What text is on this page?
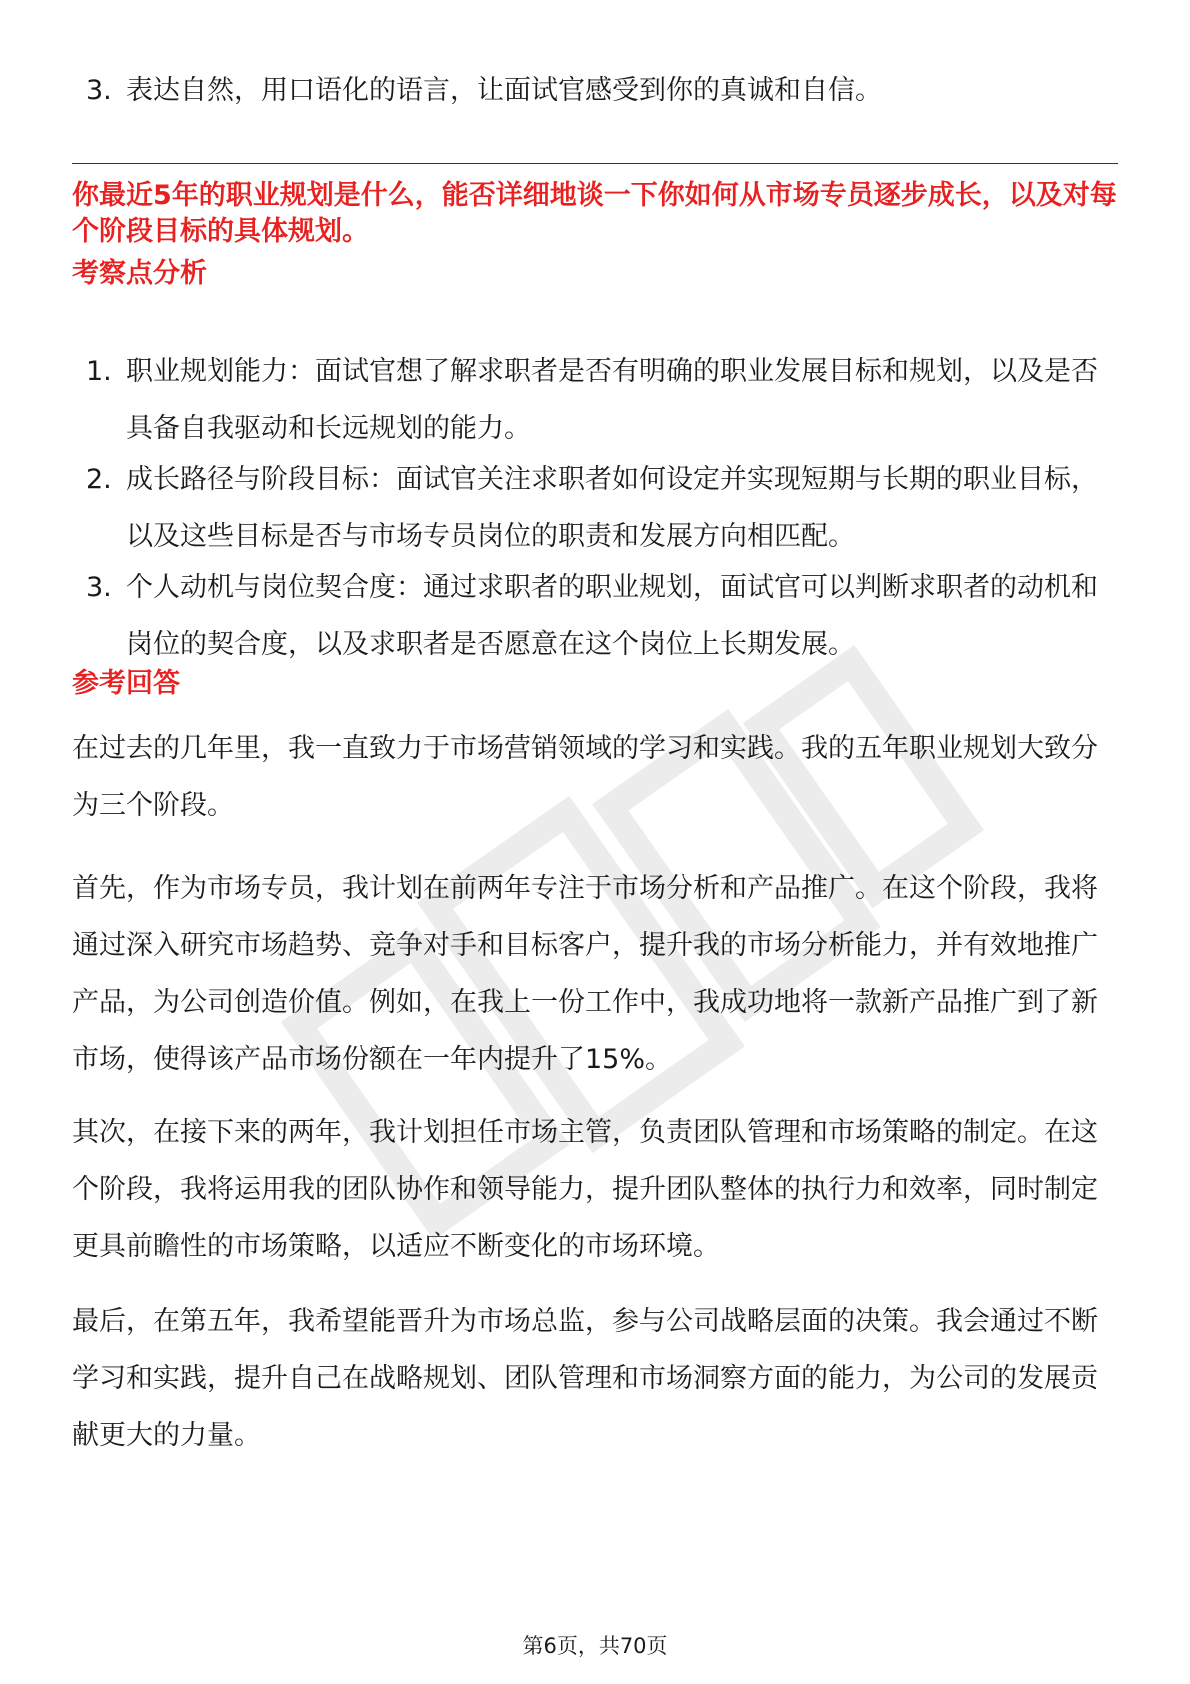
3. 表达自然，用口语化的语言，让面试官感受到你的真诚和自信。
你最近5年的职业规划是什么，能否详细地谈一下你如何从市场专员逐步成长，以及对每个阶段目标的具体规划。
考察点分析
1. 职业规划能力：面试官想了解求职者是否有明确的职业发展目标和规划，以及是否具备自我驱动和长远规划的能力。
2. 成长路径与阶段目标：面试官关注求职者如何设定并实现短期与长期的职业目标，以及这些目标是否与市场专员岗位的职责和发展方向相匹配。
3. 个人动机与岗位契合度：通过求职者的职业规划，面试官可以判断求职者的动机和岗位的契合度，以及求职者是否愿意在这个岗位上长期发展。
参考回答
在过去的几年里，我一直致力于市场营销领域的学习和实践。我的五年职业规划大致分为三个阶段。
首先，作为市场专员，我计划在前两年专注于市场分析和产品推广。在这个阶段，我将通过深入研究市场趋势、竞争对手和目标客户，提升我的市场分析能力，并有效地推广产品，为公司创造价值。例如，在我上一份工作中，我成功地将一款新产品推广到了新市场，使得该产品市场份额在一年内提升了15%。
其次，在接下来的两年，我计划担任市场主管，负责团队管理和市场策略的制定。在这个阶段，我将运用我的团队协作和领导能力，提升团队整体的执行力和效率，同时制定更具前瞻性的市场策略，以适应不断变化的市场环境。
最后，在第五年，我希望能晋升为市场总监，参与公司战略层面的决策。我会通过不断学习和实践，提升自己在战略规划、团队管理和市场洞察方面的能力，为公司的发展贡献更大的力量。
第6页，共70页
